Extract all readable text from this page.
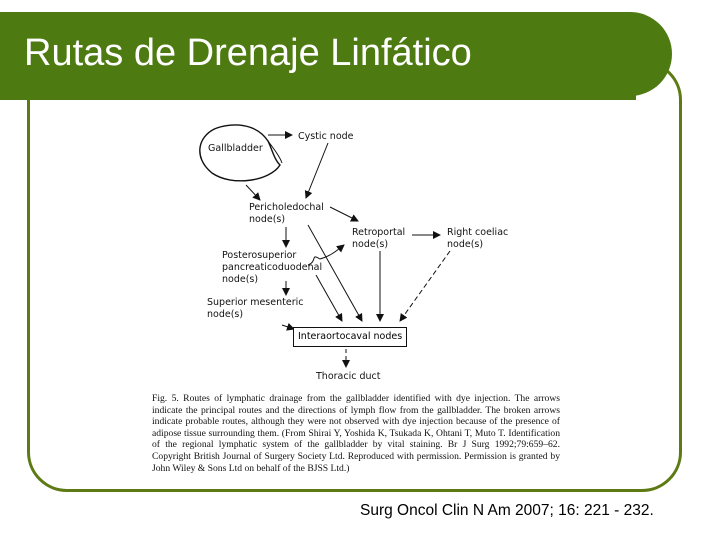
Rutas de Drenaje Linfático
Gallbladder
Cystic node
Pericholedochal
node(s)
Retroportal
node(s)
Right coeliac
node(s)
Posterosuperior
pancreaticoduodenal
node(s)
Superior mesenteric
node(s)
Interaortocaval nodes
Thoracic duct
Fig. 5. Routes of lymphatic drainage from the gallbladder identified with dye injection. The arrows indicate the principal routes and the directions of lymph flow from the gallbladder. The broken arrows indicate probable routes, although they were not observed with dye injection because of the presence of adipose tissue surrounding them. (From Shirai Y, Yoshida K, Tsukada K, Ohtani T, Muto T. Identification of the regional lymphatic system of the gallbladder by vital staining. Br J Surg 1992;79:659–62. Copyright British Journal of Surgery Society Ltd. Reproduced with permission. Permission is granted by John Wiley & Sons Ltd on behalf of the BJSS Ltd.)
Surg Oncol Clin N Am 2007; 16: 221 - 232.
